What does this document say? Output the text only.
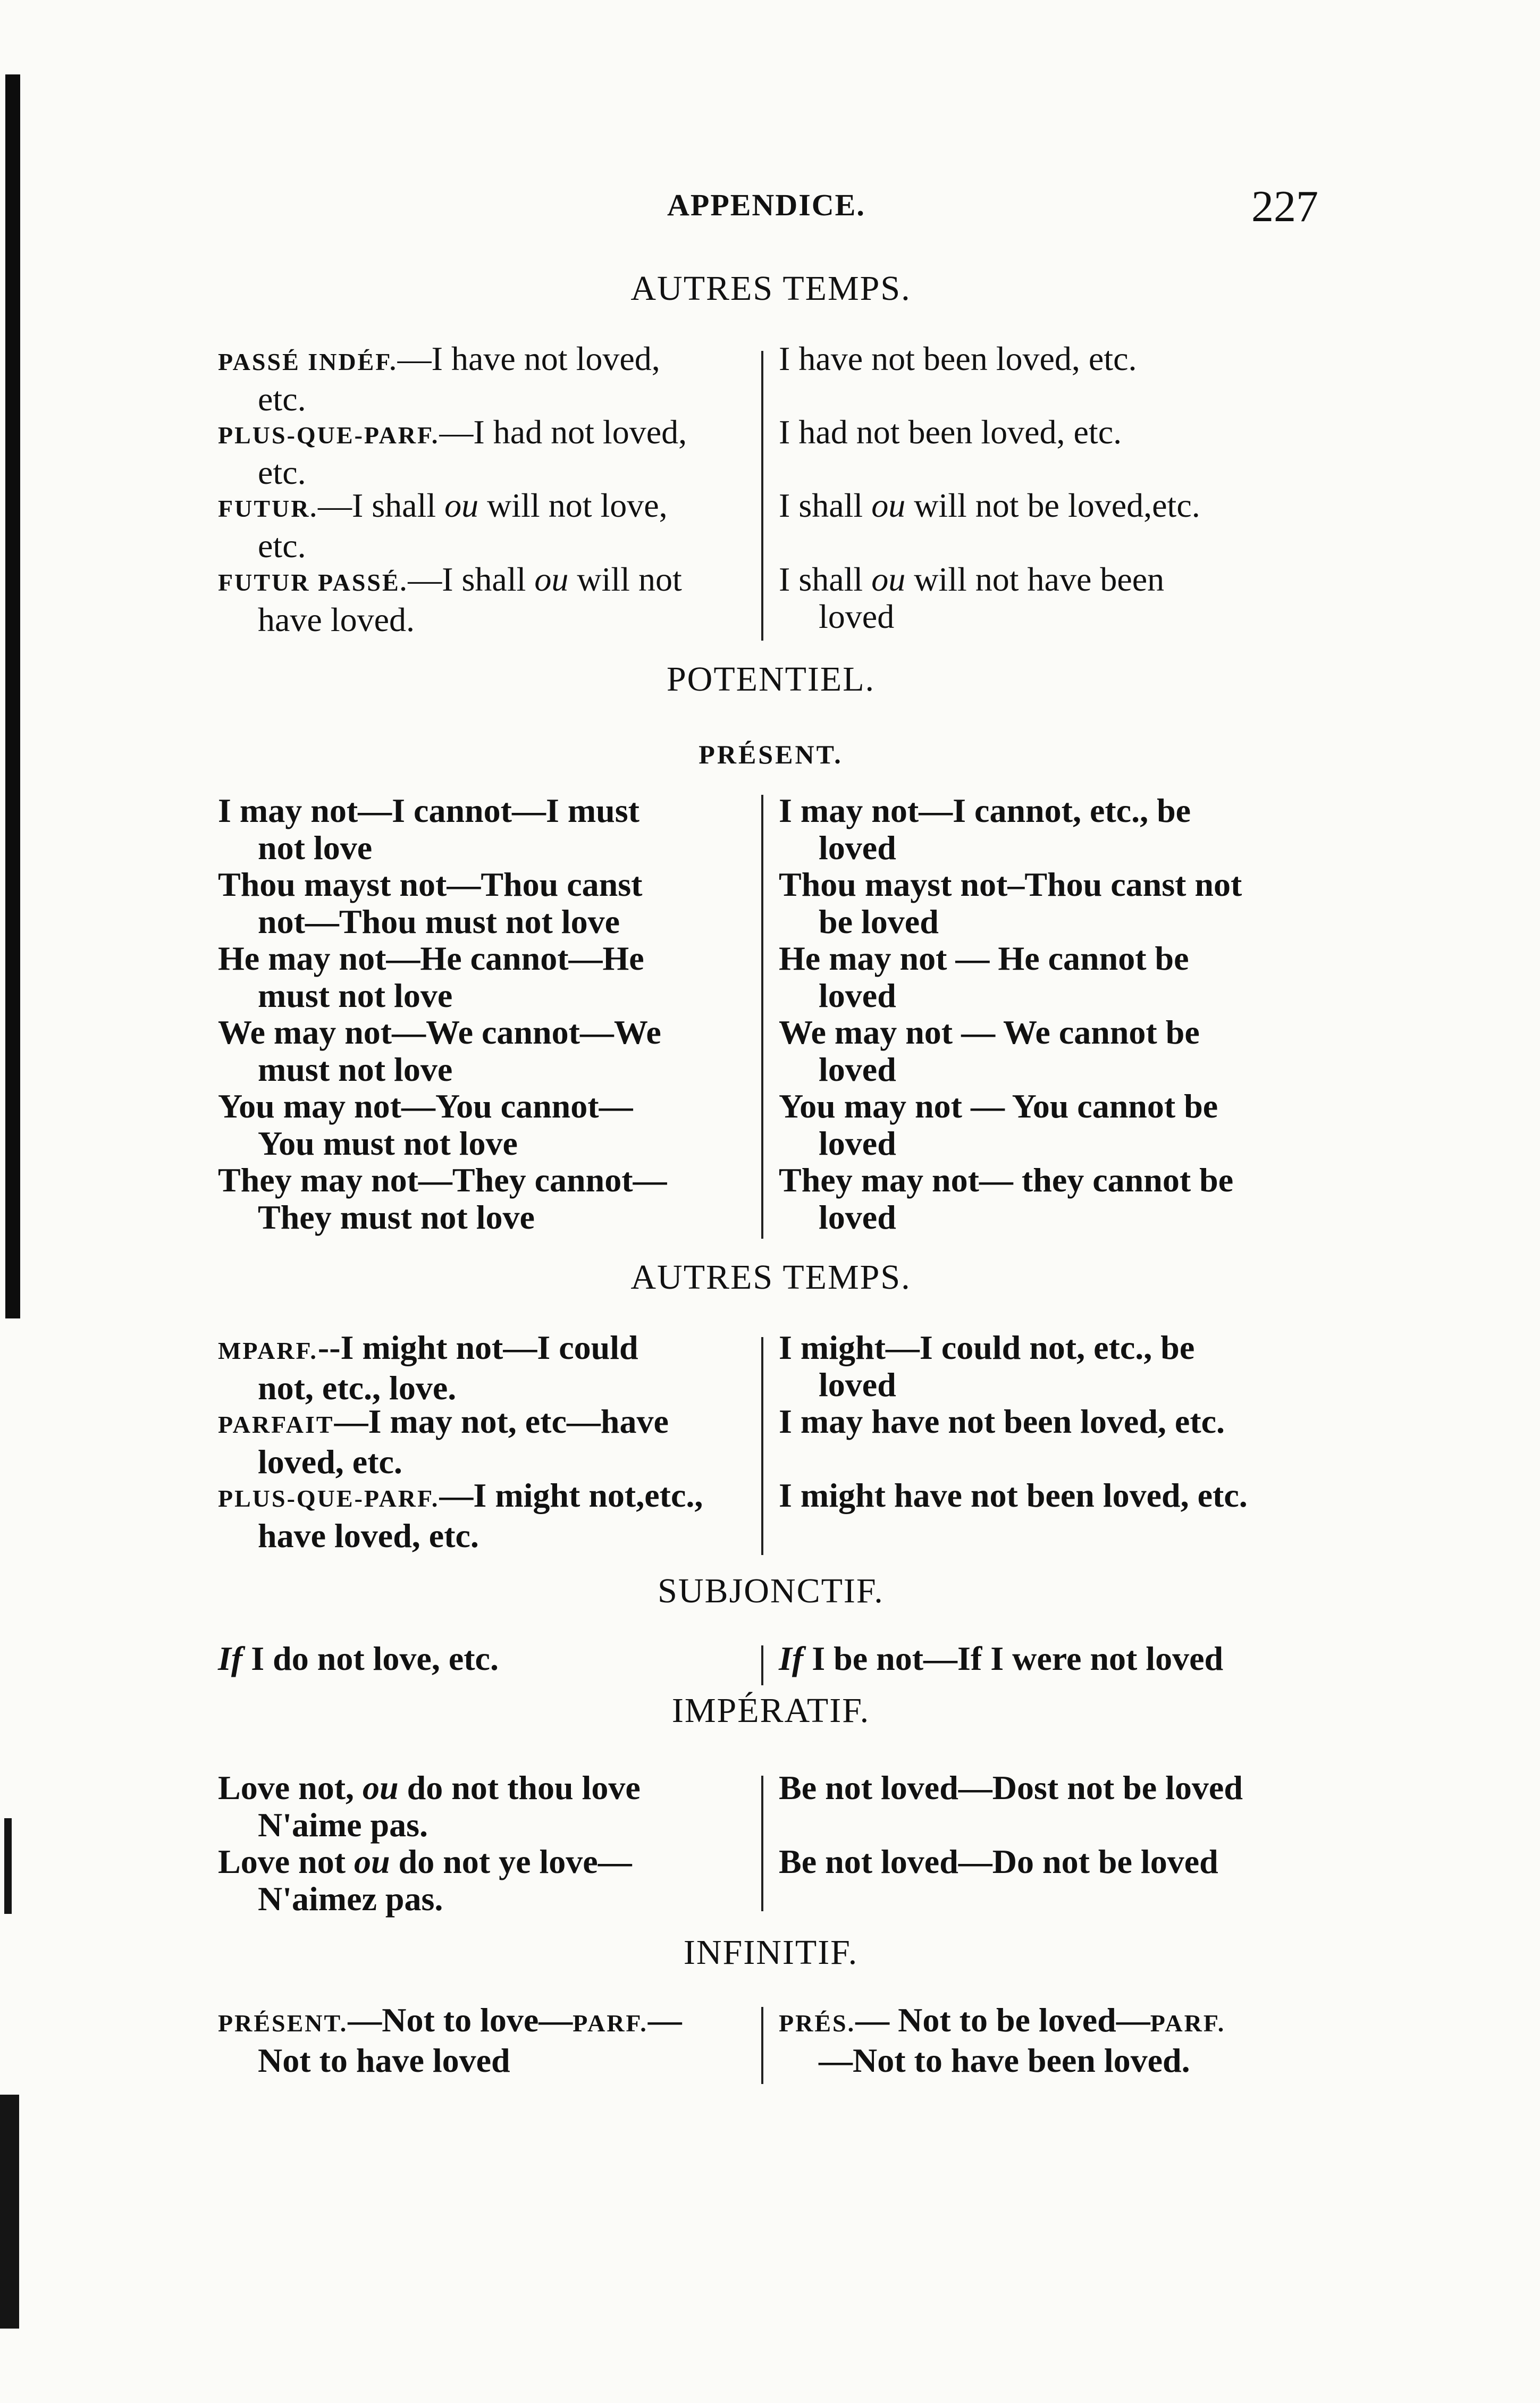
APPENDICE.	227
AUTRES TEMPS.
PASSÉ INDÉF.—I have not loved,
etc.
I have not been loved, etc.
PLUS-QUE-PARF.—I had not loved,
etc.
I had not been loved, etc.
FUTUR.—I shall ou will not love,
etc.
I shall ou will not be loved,etc.
FUTUR PASSÉ.—I shall ou will not
have loved.
I shall ou will not have been
loved
POTENTIEL.
PRÉSENT.
I may not—I cannot—I must
not love
I may not—I cannot, etc., be
loved
Thou mayst not—Thou canst
not—Thou must not love
Thou mayst not–Thou canst not
be loved
He may not—He cannot—He
must not love
He may not — He cannot be
loved
We may not—We cannot—We
must not love
We may not — We cannot be
loved
You may not—You cannot—
You must not love
You may not — You cannot be
loved
They may not—They cannot—
They must not love
They may not— they cannot be
loved
AUTRES TEMPS.
MPARF.--I might not—I could
not, etc., love.
I might—I could not, etc., be
loved
PARFAIT—I may not, etc—have
loved, etc.
I may have not been loved, etc.
PLUS-QUE-PARF.—I might not,etc.,
have loved, etc.
I might have not been loved, etc.
SUBJONCTIF.
If I do not love, etc.	If I be not—If I were not loved
IMPÉRATIF.
Love not, ou do not thou love
N'aime pas.
Be not loved—Dost not be loved
Love not ou do not ye love—
N'aimez pas.
Be not loved—Do not be loved
INFINITIF.
PRÉSENT.—Not to love—PARF.—
Not to have loved
PRÉS.— Not to be loved—PARF.
—Not to have been loved.
